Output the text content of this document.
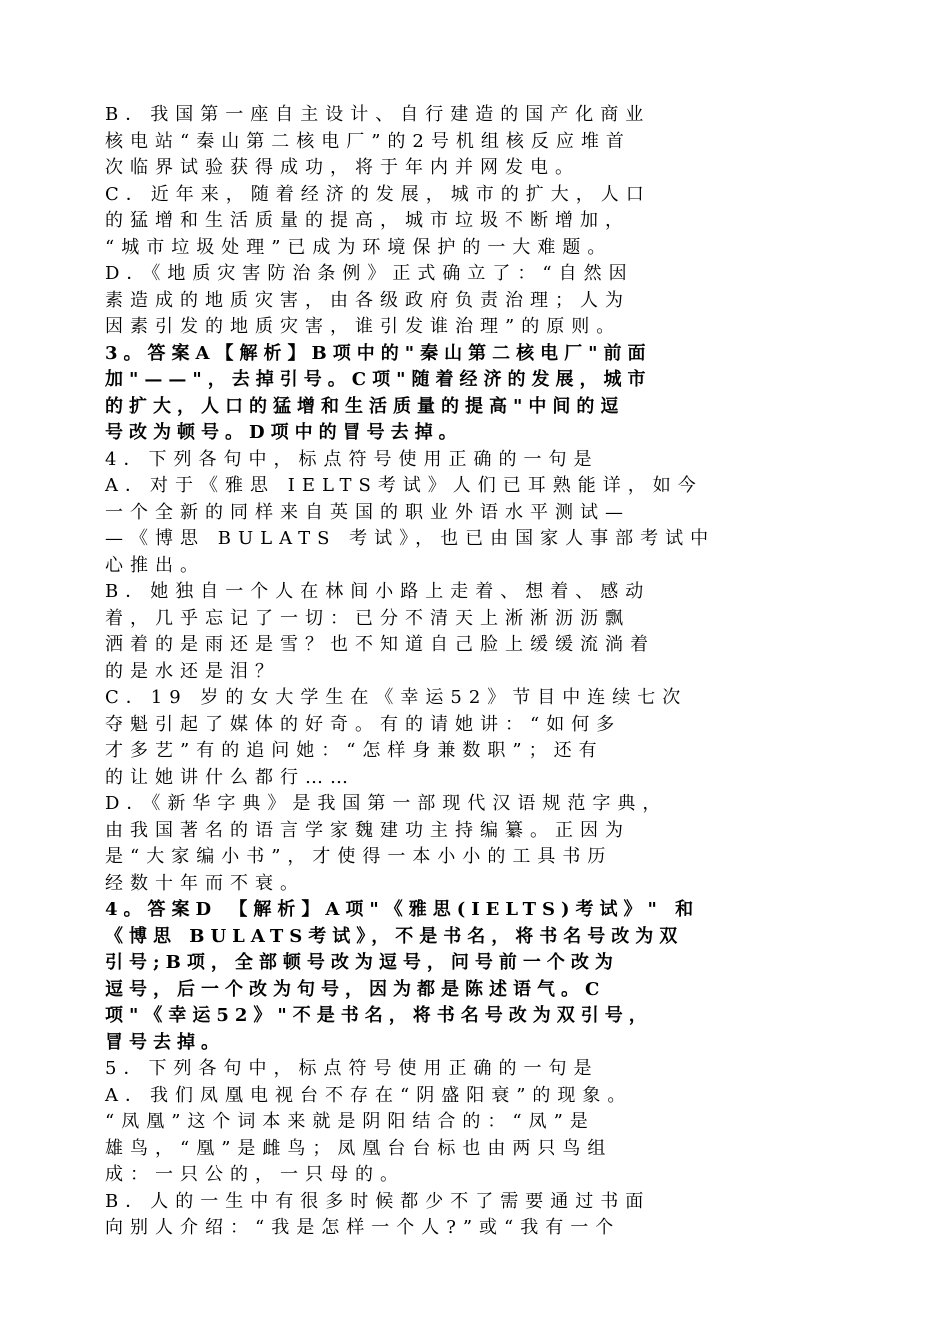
B．我国第一座自主设计、自行建造的国产化商业
核电站“秦山第二核电厂”的2号机组核反应堆首
次临界试验获得成功，将于年内并网发电。
C．近年来，随着经济的发展，城市的扩大，人口
的猛增和生活质量的提高，城市垃圾不断增加，
“城市垃圾处理”已成为环境保护的一大难题。
D．《地质灾害防治条例》正式确立了：“自然因
素造成的地质灾害，由各级政府负责治理；人为
因素引发的地质灾害，谁引发谁治理”的原则。
3。答案A【解析】B项中的"秦山第二核电厂"前面
加"——"，去掉引号。C项"随着经济的发展，城市
的扩大，人口的猛增和生活质量的提高"中间的逗
号改为顿号。D项中的冒号去掉。
4．下列各句中，标点符号使用正确的一句是
A．对于《雅思 IELTS考试》人们已耳熟能详，如今
一个全新的同样来自英国的职业外语水平测试—
—《博思 BULATS 考试》，也已由国家人事部考试中
心推出。
B．她独自一个人在林间小路上走着、想着、感动
着，几乎忘记了一切：已分不清天上淅淅沥沥飘
洒着的是雨还是雪？也不知道自己脸上缓缓流淌着
的是水还是泪？
C．19 岁的女大学生在《幸运52》节目中连续七次
夺魁引起了媒体的好奇。有的请她讲：“如何多
才多艺”有的追问她：“怎样身兼数职”；还有
的让她讲什么都行……
D．《新华字典》是我国第一部现代汉语规范字典，
由我国著名的语言学家魏建功主持编纂。正因为
是“大家编小书”，才使得一本小小的工具书历
经数十年而不衰。
4。答案D 【解析】A项"《雅思(IELTS)考试》" 和
《博思 BULATS考试》，不是书名，将书名号改为双
引号;B项，全部顿号改为逗号，问号前一个改为
逗号，后一个改为句号，因为都是陈述语气。C
项"《幸运52》"不是书名，将书名号改为双引号，
冒号去掉。
5．下列各句中，标点符号使用正确的一句是
A．我们凤凰电视台不存在“阴盛阳衰”的现象。
“凤凰”这个词本来就是阴阳结合的：“凤”是
雄鸟，“凰”是雌鸟；凤凰台台标也由两只鸟组
成：一只公的，一只母的。
B．人的一生中有很多时候都少不了需要通过书面
向别人介绍：“我是怎样一个人?”或“我有一个
